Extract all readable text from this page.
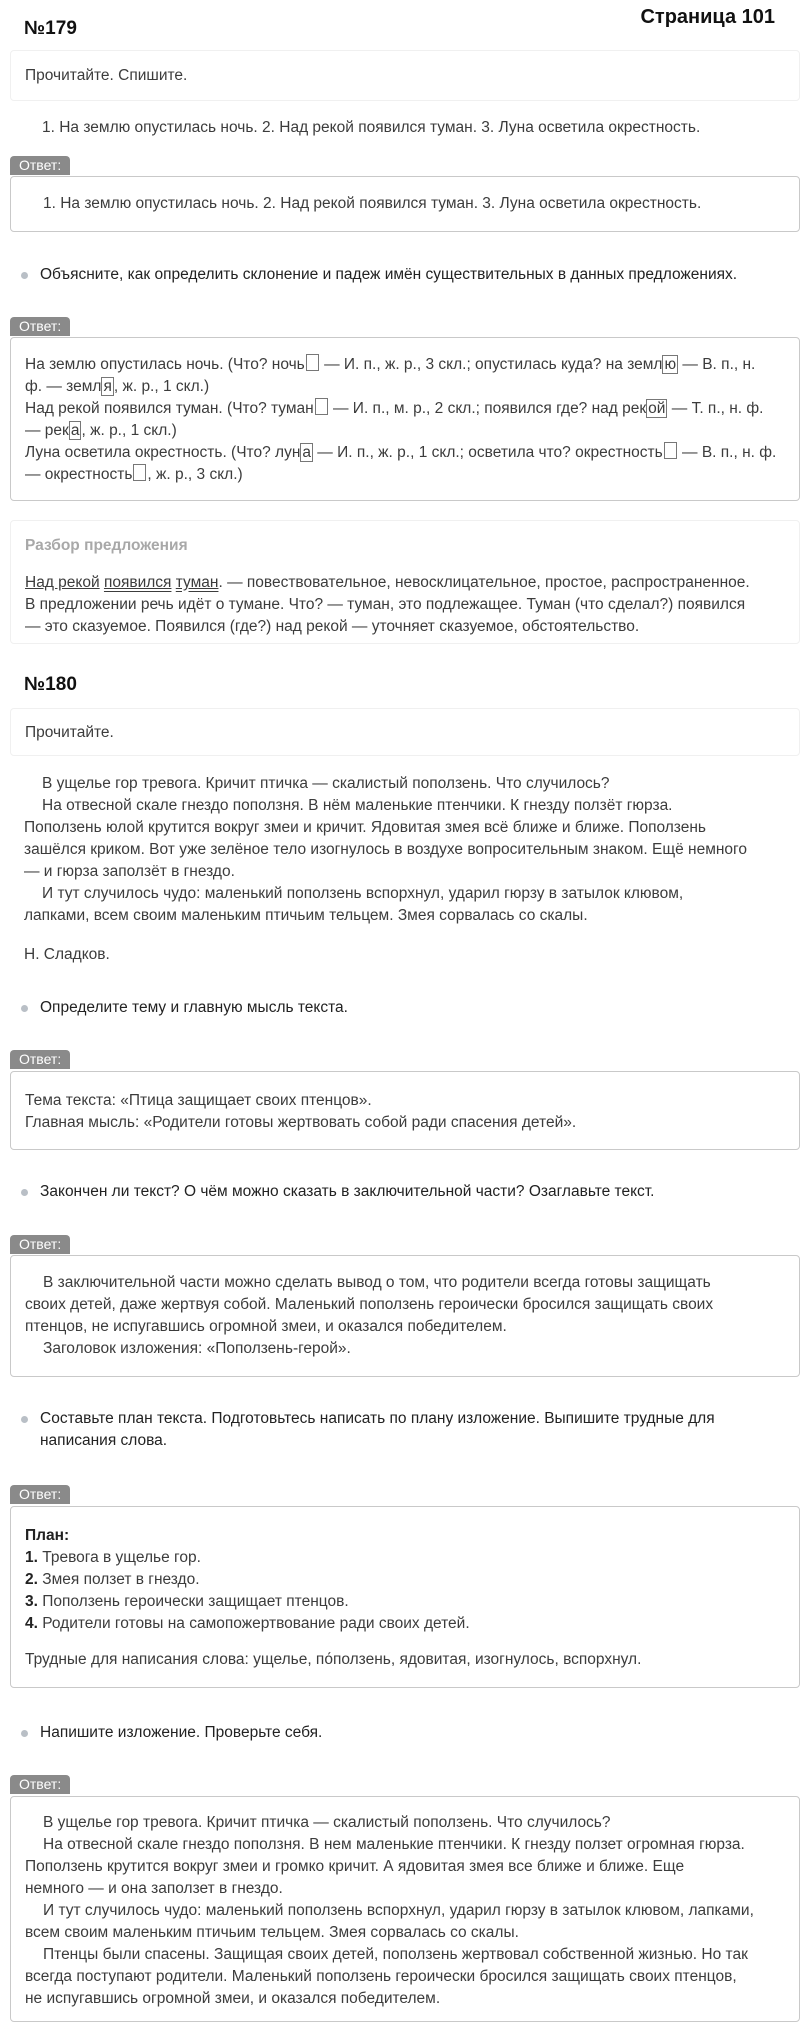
№179
Страница 101
Прочитайте. Спишите.
1. На землю опустилась ночь. 2. Над рекой появился туман. 3. Луна осветила окрестность.
Ответ:
1. На землю опустилась ночь. 2. Над рекой появился туман. 3. Луна осветила окрестность.
Объясните, как определить склонение и падеж имён существительных в данных предложениях.
Ответ:

На землю опустилась ночь. (Что? ночь — И. п., ж. р., 3 скл.; опустилась куда? на земл ю — В. п., н.

ф. — земл я , ж. р., 1 скл.)

Над рекой появился туман. (Что? туман — И. п., м. р., 2 скл.; появился где? над рек ой — Т. п., н. ф.

— рек а , ж. р., 1 скл.)

Луна осветила окрестность. (Что? лун а — И. п., ж. р., 1 скл.; осветила что? окрестность — В. п., н. ф.

— окрестность , ж. р., 3 скл.)

Разбор предложения

Над рекой появился туман. — повествовательное, невосклицательное, простое, распространенное.

В предложении речь идёт о тумане. Что? — туман, это подлежащее. Туман (что сделал?) появился

— это сказуемое. Появился (где?) над рекой — уточняет сказуемое, обстоятельство.

№180
Прочитайте.

В ущелье гор тревога. Кричит птичка — скалистый поползень. Что случилось?

На отвесной скале гнездо поползня. В нём маленькие птенчики. К гнезду ползёт гюрза.

Поползень юлой крутится вокруг змеи и кричит. Ядовитая змея всё ближе и ближе. Поползень

зашёлся криком. Вот уже зелёное тело изогнулось в воздухе вопросительным знаком. Ещё немного

— и гюрза заползёт в гнездо.

И тут случилось чудо: маленький поползень вспорхнул, ударил гюрзу в затылок клювом,

лапками, всем своим маленьким птичьим тельцем. Змея сорвалась со скалы.

Н. Сладков.
Определите тему и главную мысль текста.
Ответ:

Тема текста: «Птица защищает своих птенцов».

Главная мысль: «Родители готовы жертвовать собой ради спасения детей».

Закончен ли текст? О чём можно сказать в заключительной части? Озаглавьте текст.
Ответ:

В заключительной части можно сделать вывод о том, что родители всегда готовы защищать

своих детей, даже жертвуя собой. Маленький поползень героически бросился защищать своих

птенцов, не испугавшись огромной змеи, и оказался победителем.

Заголовок изложения: «Поползень-герой».

Составьте план текста. Подготовьтесь написать по плану изложение. Выпишите трудные для

написания слова.

Ответ:

План:

1. Тревога в ущелье гор.

2. Змея ползет в гнездо.

3. Поползень героически защищает птенцов.

4. Родители готовы на самопожертвование ради своих детей.

Трудные для написания слова: ущелье, по́ползень, ядовитая, изогнулось, вспорхнул.

Напишите изложение. Проверьте себя.
Ответ:

В ущелье гор тревога. Кричит птичка — скалистый поползень. Что случилось?

На отвесной скале гнездо поползня. В нем маленькие птенчики. К гнезду ползет огромная гюрза.

Поползень крутится вокруг змеи и громко кричит. А ядовитая змея все ближе и ближе. Еще

немного — и она заползет в гнездо.

И тут случилось чудо: маленький поползень вспорхнул, ударил гюрзу в затылок клювом, лапками,

всем своим маленьким птичьим тельцем. Змея сорвалась со скалы.

Птенцы были спасены. Защищая своих детей, поползень жертвовал собственной жизнью. Но так

всегда поступают родители. Маленький поползень героически бросился защищать своих птенцов,

не испугавшись огромной змеи, и оказался победителем.
